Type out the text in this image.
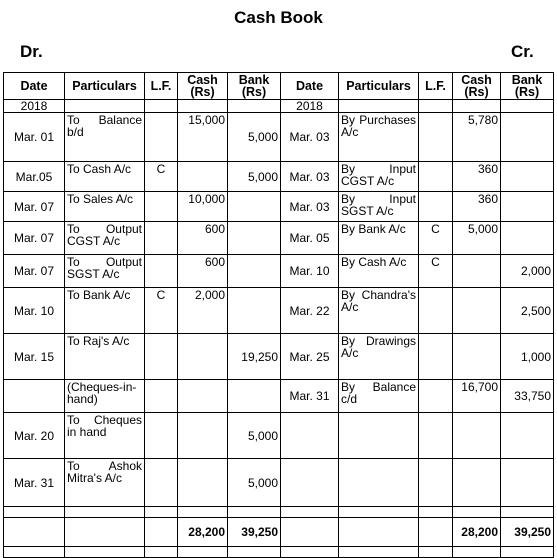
Cash Book
Dr.	Cr.
Date	Particulars	L.F.	Cash (Rs)	Bank (Rs)	Date	Particulars	L.F.	Cash (Rs)	Bank (Rs)
2018					2018				
Mar. 01	To Balance b/d		15,000	5,000	Mar. 03	By Purchases A/c		5,780	
Mar.05	To Cash A/c	C		5,000	Mar. 03	By Input CGST A/c		360	
Mar. 07	To Sales A/c		10,000		Mar. 03	By Input SGST A/c		360	
Mar. 07	To Output CGST A/c		600		Mar. 05	By Bank A/c	C	5,000	
Mar. 07	To Output SGST A/c		600		Mar. 10	By Cash A/c	C		2,000
Mar. 10	To Bank A/c	C	2,000		Mar. 22	By Chandra's A/c			2,500
Mar. 15	To Raj's A/c			19,250	Mar. 25	By Drawings A/c			1,000
	(Cheques-in-hand)				Mar. 31	By Balance c/d		16,700	33,750
Mar. 20	To Cheques in hand			5,000					
Mar. 31	To Ashok Mitra's A/c			5,000					

			28,200	39,250				28,200	39,250
